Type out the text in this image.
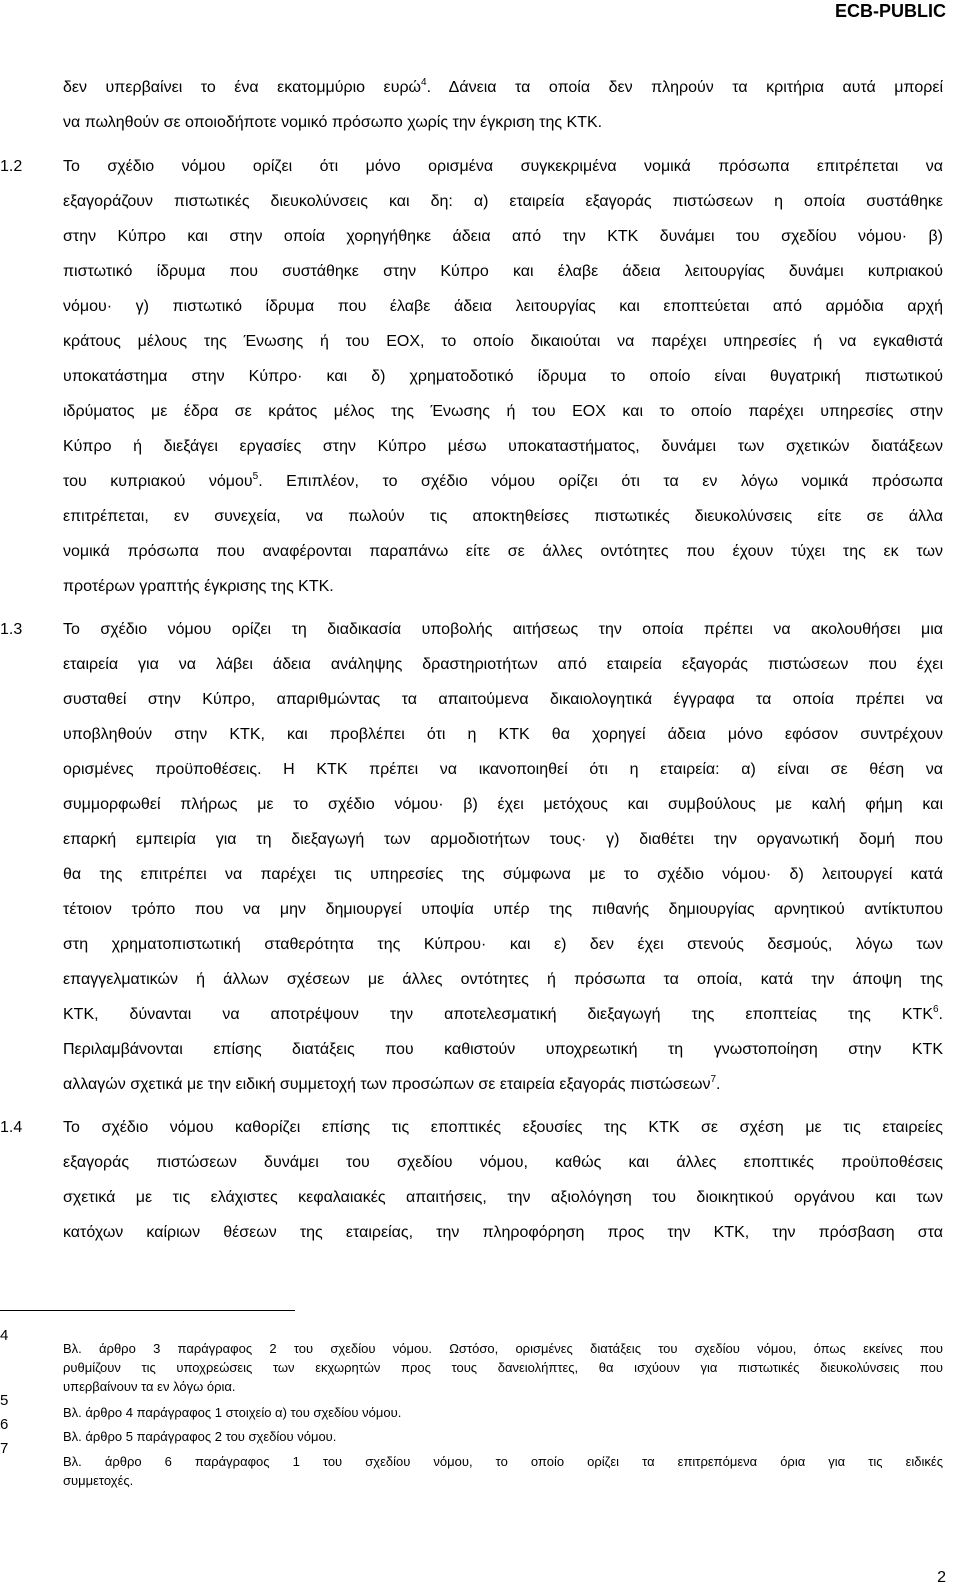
ECB-PUBLIC
δεν υπερβαίνει το ένα εκατομμύριο ευρώ$^4$. Δάνεια τα οποία δεν πληρούν τα κριτήρια αυτά μπορεί
να πωληθούν σε οποιοδήποτε νομικό πρόσωπο χωρίς την έγκριση της ΚΤΚ.
1.2	Το σχέδιο νόμου ορίζει ότι μόνο ορισμένα συγκεκριμένα νομικά πρόσωπα επιτρέπεται να
εξαγοράζουν πιστωτικές διευκολύνσεις και δη: α) εταιρεία εξαγοράς πιστώσεων η οποία συστάθηκε
στην Κύπρο και στην οποία χορηγήθηκε άδεια από την ΚΤΚ δυνάμει του σχεδίου νόμου· β)
πιστωτικό ίδρυμα που συστάθηκε στην Κύπρο και έλαβε άδεια λειτουργίας δυνάμει κυπριακού
νόμου· γ) πιστωτικό ίδρυμα που έλαβε άδεια λειτουργίας και εποπτεύεται από αρμόδια αρχή
κράτους μέλους της Ένωσης ή του ΕΟΧ, το οποίο δικαιούται να παρέχει υπηρεσίες ή να εγκαθιστά
υποκατάστημα στην Κύπρο· και δ) χρηματοδοτικό ίδρυμα το οποίο είναι θυγατρική πιστωτικού
ιδρύματος με έδρα σε κράτος μέλος της Ένωσης ή του ΕΟΧ και το οποίο παρέχει υπηρεσίες στην
Κύπρο ή διεξάγει εργασίες στην Κύπρο μέσω υποκαταστήματος, δυνάμει των σχετικών διατάξεων
του κυπριακού νόμου$^5$. Επιπλέον, το σχέδιο νόμου ορίζει ότι τα εν λόγω νομικά πρόσωπα
επιτρέπεται, εν συνεχεία, να πωλούν τις αποκτηθείσες πιστωτικές διευκολύνσεις είτε σε άλλα
νομικά πρόσωπα που αναφέρονται παραπάνω είτε σε άλλες οντότητες που έχουν τύχει της εκ των
προτέρων γραπτής έγκρισης της ΚΤΚ.
1.3	Το σχέδιο νόμου ορίζει τη διαδικασία υποβολής αιτήσεως την οποία πρέπει να ακολουθήσει μια
εταιρεία για να λάβει άδεια ανάληψης δραστηριοτήτων από εταιρεία εξαγοράς πιστώσεων που έχει
συσταθεί στην Κύπρο, απαριθμώντας τα απαιτούμενα δικαιολογητικά έγγραφα τα οποία πρέπει να
υποβληθούν στην ΚΤΚ, και προβλέπει ότι η ΚΤΚ θα χορηγεί άδεια μόνο εφόσον συντρέχουν
ορισμένες προϋποθέσεις. Η ΚΤΚ πρέπει να ικανοποιηθεί ότι η εταιρεία: α) είναι σε θέση να
συμμορφωθεί πλήρως με το σχέδιο νόμου· β) έχει μετόχους και συμβούλους με καλή φήμη και
επαρκή εμπειρία για τη διεξαγωγή των αρμοδιοτήτων τους· γ) διαθέτει την οργανωτική δομή που
θα της επιτρέπει να παρέχει τις υπηρεσίες της σύμφωνα με το σχέδιο νόμου· δ) λειτουργεί κατά
τέτοιον τρόπο που να μην δημιουργεί υποψία υπέρ της πιθανής δημιουργίας αρνητικού αντίκτυπου
στη χρηματοπιστωτική σταθερότητα της Κύπρου· και ε) δεν έχει στενούς δεσμούς, λόγω των
επαγγελματικών ή άλλων σχέσεων με άλλες οντότητες ή πρόσωπα τα οποία, κατά την άποψη της
ΚΤΚ, δύνανται να αποτρέψουν την αποτελεσματική διεξαγωγή της εποπτείας της ΚΤΚ$^6$.
Περιλαμβάνονται επίσης διατάξεις που καθιστούν υποχρεωτική τη γνωστοποίηση στην ΚΤΚ
αλλαγών σχετικά με την ειδική συμμετοχή των προσώπων σε εταιρεία εξαγοράς πιστώσεων$^7$.
1.4	Το σχέδιο νόμου καθορίζει επίσης τις εποπτικές εξουσίες της ΚΤΚ σε σχέση με τις εταιρείες
εξαγοράς πιστώσεων δυνάμει του σχεδίου νόμου, καθώς και άλλες εποπτικές προϋποθέσεις
σχετικά με τις ελάχιστες κεφαλαιακές απαιτήσεις, την αξιολόγηση του διοικητικού οργάνου και των
κατόχων καίριων θέσεων της εταιρείας, την πληροφόρηση προς την ΚΤΚ, την πρόσβαση στα
4
Βλ. άρθρο 3 παράγραφος 2 του σχεδίου νόμου. Ωστόσο, ορισμένες διατάξεις του σχεδίου νόμου, όπως εκείνες που
ρυθμίζουν τις υποχρεώσεις των εκχωρητών προς τους δανειολήπτες, θα ισχύουν για πιστωτικές διευκολύνσεις που
υπερβαίνουν τα εν λόγω όρια.
5
Βλ. άρθρο 4 παράγραφος 1 στοιχείο α) του σχεδίου νόμου.
6
Βλ. άρθρο 5 παράγραφος 2 του σχεδίου νόμου.
7
Βλ. άρθρο 6 παράγραφος 1 του σχεδίου νόμου, το οποίο ορίζει τα επιτρεπόμενα όρια για τις ειδικές
συμμετοχές.
2
